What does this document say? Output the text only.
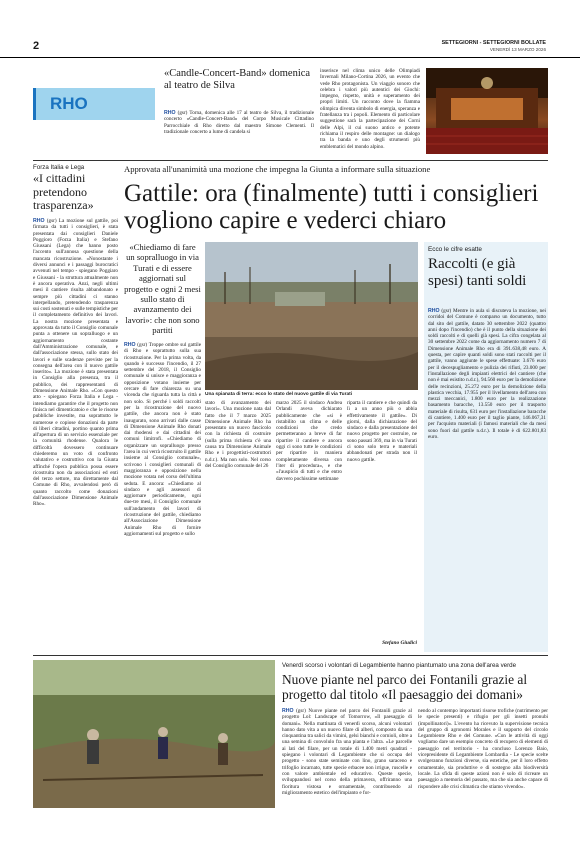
2	SETTEGIORNI - SETTEGIORNI BOLLATE
VENERDÌ 13 MARZO 2026
RHO
«Candle-Concert-Band» domenica al teatro de Silva
RHO (gsr) Torna, domenica alle 17 al teatro de Silva, il tradizionale concerto «Candle-Concert-Band» del Corpo Musicale Cittadino Parrocchiale di Rho diretto dal maestro Simone Clementi. Il tradizionale concerto a lume di candela si
inserisce nel clima unico delle Olimpiadi Invernali Milano-Cortina 2026, un evento che vede Rho protagonista. Un viaggio sonoro che celebra i valori più autentici dei Giochi: impegno, rispetto, unità e superamento dei propri limiti. Un racconto dove la fiamma olimpica diventa simbolo di energia, speranza e fratellanza tra i popoli. Elemento di particolare suggestione sarà la partecipazione dei Corni delle Alpi, il cui suono antico e potente richiama il respiro delle montagne: un dialogo tra la banda e uno degli strumenti più emblematici del mondo alpino.
Forza Italia e Lega
«I cittadini pretendono trasparenza»
RHO (gsr) La mozione sul gattile, poi firmata da tutti i consiglieri, è stata presentata dai consiglieri Daniele Poggioro (Forza Italia) e Stefano Giussani (Lega) che hanno posto l'accento sull'annosa questione della mancata ricostruzione. «Nonostante i diversi annunci e i passaggi burocratici avvenuti nel tempo - spiegano Poggiaro e Giussani - la struttura attualmente non è ancora operativa. Anzi, negli ultimi mesi il cantiere risulta abbandonato e sempre più cittadini ci stanno interpellando, pretendendo trasparenza sui costi sostenuti e sulle tempistiche per il completamento definitivo dei lavori. La nostra mozione presentata e approvata da tutto il Consiglio comunale punta a ottenere un sopralluogo e un aggiornamento costante dall'Amministrazione comunale, e dall'associazione stessa, sullo stato dei lavori e sulle scadenze previste per la consegna dell'area con il nuovo gattile inserito». La mozione è stata presentata in Consiglio alla presenza, tra il pubblico, dei rappresentanti di Dimensione Animale Rho. «Con questo atto - spiegano Forza Italia e Lega - intendiamo garantire che il progetto non finisca nel dimenticatoio e che le risorse pubbliche investite, ma soprattutto le numerose e copiose donazioni da parte di liberi cittadini, portino quanto prima all'apertura di un servizio essenziale per la comunità rhodense. Qualora le difficoltà dovessero continuare chiederemo un voto di confronto valutativo e costruttivo con la Giunta affinché l'opera pubblica possa essere ricostruita non da associazioni ed enti del terzo settore, ma direttamente dal Comune di Rho, avvalendosi però di quanto raccolto come donazioni dall'associazione Dimensione Animale Rho».
Approvata all'unanimità una mozione che impegna la Giunta a informare sulla situazione
Gattile: ora (finalmente) tutti i consiglieri vogliono capire e vederci chiaro
«Chiediamo di fare un sopralluogo in via Turati e di essere aggiornati sul progetto e ogni 2 mesi sullo stato di avanzamento dei lavori»: che non sono partiti
Una spianata di terra: ecco lo stato del nuovo gattile di via Turati
RHO (gsr) Troppe ombre sul gattile di Rho e soprattutto sulla sua ricostruzione. Per la prima volta, da quando è successo l'incendio, il 27 settembre del 2018, il Consiglio comunale si unisce e maggioranza e opposizione votano insieme per cercare di fare chiarezza su una vicenda che riguarda tutta la città e non solo. Si perché i soldi raccolti per la ricostruzione del nuovo gattile, che ancora non è stato inaugurato, sono arrivati dalle casse di Dimensione Animale Rho donati dai rhodensi e dai cittadini dei comuni limitrofi. «Chiediamo di organizzare un sopralluogo presso l'area in cui verrà ricostruito il gattile insieme al Consiglio comunale», scrivono i consiglieri comunali di maggioranza e opposizione nella mozione votata nel corso dell'ultima seduta. E ancora: «Chiediamo al sindaco e agli assessori di aggiornare periodicamente, ogni due-tre mesi, il Consiglio comunale sull'andamento dei lavori di ricostruzione del gattile, chiediamo all'Associazione Dimensione Animale Rho di fornire aggiornamenti sul progetto e sullo
stato di avanzamento dei lavori». Una mozione nata dal fatto che il 7 marzo 2025 Dimensione Animale Rho ha presentato un nuovo fascicolo con la richiesta di costruire (sulla prima richiesta c'è una causa tra Dimensione Animale Rho e i progettisti-costruttori n.d.r.). Ma non solo. Nel corso del Consiglio comunale del 26
marzo 2025 il sindaco Andrea Orlandi aveva dichiarato pubblicamente che «si è ristabilito un clima e delle condizioni che credo permetteranno a breve di far ripartire il cantiere e ancora oggi ci sono tutte le condizioni per ripartire in maniera completamente diversa con l'iter di procedura», e che «l'auspicio di tutti e che entro davvero pochissime settimane
riparta il cantiere e che quindi da lì a un anno più o abbia effettivamente il gattile». Di giorni, dalla dichiarazione del sindaco e dalla presentazione del nuovo progetto per costruire, ne sono passati 369, ma in via Turati ci sono solo terra e materiali abbandonati per strada non il nuovo gattile.
Stefano Giudici
Ecco le cifre esatte
Raccolti (e già spesi) tanti soldi
RHO (gsr) Mentre in aula si discuteva la mozione, nei corridoi del Comune è comparso un documento, tutto dal sito del gattile, datato 30 settembre 2022 (quattro anni dopo l'incendio) che è il punto della situazione dei soldi raccolti e di quelli già spesi. La cifra congelata al 30 settembre 2022 come da aggiornamento numero 7 di Dimensione Animale Rho era di 391.638,48 euro. A questa, per capire quanti soldi sono stati raccolti per il gattile, vanno aggiunte le spese effettuate: 3.676 euro per il decespugliamento e pulizia dei rifiuti, 23.000 per l'installazione degli impianti elettrici del cantiere (che non è mai esistito n.d.r.), 94.560 euro per la demolizione delle recinzioni, 25.272 euro per la demolizione della plastica vecchia, 17.955 per il livellamento dell'area con mezzi meccanici, 1.800 euro per la realizzazione basamento baracche, 13.550 euro per il trasporto materiale di risulta, 631 euro per l'installazione baracche di cantiere, 1.400 euro per il taglio piante, 146.067,31 per l'acquisto materiali (i famosi materiali che da mesi sono fuori dal gattile n.d.r.). Il totale è di 622.801,83 euro.
Venerdì scorso i volontari di Legambiente hanno piantumato una zona dell'area verde
Nuove piante nel parco dei Fontanili grazie al progetto dal titolo «Il paesaggio dei domani»
RHO (gsr) Nuove piante nel parco dei Fontanili grazie al progetto Lol: Landscape of Tomorrow, «Il paesaggio di domani». Nella mattinata di venerdì scorso, alcuni volontari hanno dato vita a un nuovo filare di alberi, composto da una cinquantina tra salici da vimini, gelsi bianchi e cornioli, oltre a una semina di convolulo fra una pianta e l'altra. «Le parcelle ai lati del filare, per un totale di 1.400 metri quadrati - spiegano i volontari di Legambiente che si occupa del progetto - sono state seminate con lino, grano saraceno e trifoglio incarnato, tutte specie erbacee non irrigue, ruscelle e con valore ambientale ed educativo. Queste specie, sviluppandosi nel corso della primavera, offriranno una fioritura vistosa e ornamentale, contribuendo al miglioramento estetico dell'impianto e for-
nendo al contempo importanti risorse trofiche (nutrimento per le specie presenti) e rifugio per gli insetti pronubi (impollinatori)». L'evento ha ricevuto la supervisione tecnica del gruppo di agronomi Morales e il supporto del circolo Legambiente Rho e del Comune. «Con le attività di oggi vogliamo dare un esempio concreto di recupero di elementi di paesaggio nel territorio - ha concluso Lorenzo Baio, vicepresidente di Legambiente Lombardia - Le specie scelte svolgeranno funzioni diverse, sia estetiche, per il loro effetto ornamentale, sia produttive e di sostegno alla biodiversità locale. La sfida di queste azioni non è solo di ricreare un paesaggio a memoria del passato, ma che sia anche capace di rispondere alle crisi climatica che stiamo vivendo».
